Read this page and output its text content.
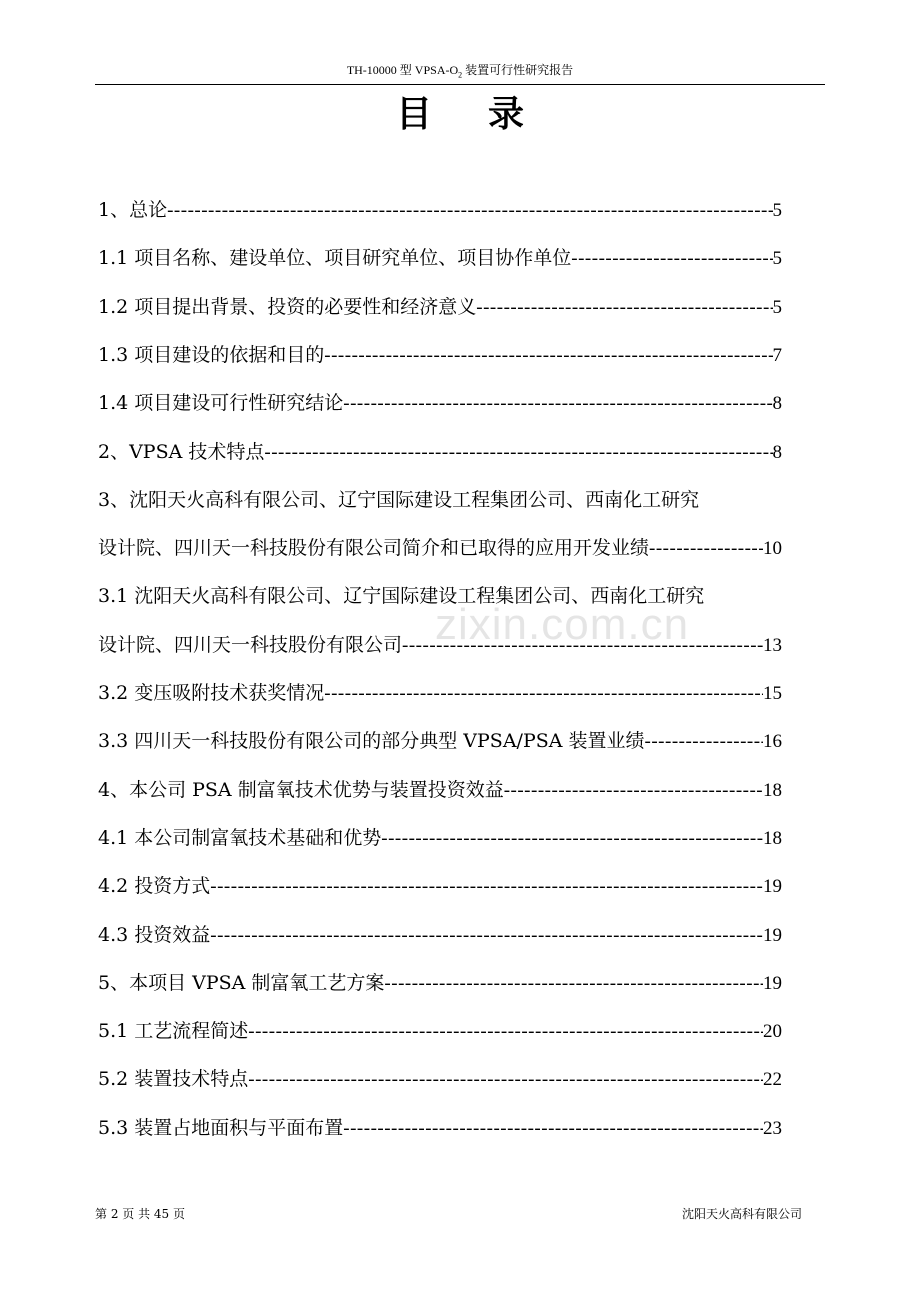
TH-10000 型 VPSA-$O_2$ 装置可行性研究报告
目录
1、总论 -----	5
1.1 项目名称、建设单位、项目研究单位、项目协作单位 -----	5
1.2 项目提出背景、投资的必要性和经济意义 -----	5
1.3 项目建设的依据和目的 -----	7
1.4 项目建设可行性研究结论 -----	8
2、VPSA 技术特点 -----	8
3、沈阳天火高科有限公司、辽宁国际建设工程集团公司、西南化工研究
设计院、四川天一科技股份有限公司简介和已取得的应用开发业绩 -----	10
3.1 沈阳天火高科有限公司、辽宁国际建设工程集团公司、西南化工研究
设计院、四川天一科技股份有限公司 -----	13
3.2 变压吸附技术获奖情况 -----	15
3.3 四川天一科技股份有限公司的部分典型 VPSA/PSA 装置业绩 -----	16
4、本公司 PSA 制富氧技术优势与装置投资效益 -----	18
4.1 本公司制富氧技术基础和优势 -----	18
4.2 投资方式 -----	19
4.3 投资效益 -----	19
5、本项目 VPSA 制富氧工艺方案 -----	19
5.1 工艺流程简述 -----	20
5.2 装置技术特点 -----	22
5.3 装置占地面积与平面布置 -----	23
zixin.com.cn
第 2 页 共 45 页	沈阳天火高科有限公司
